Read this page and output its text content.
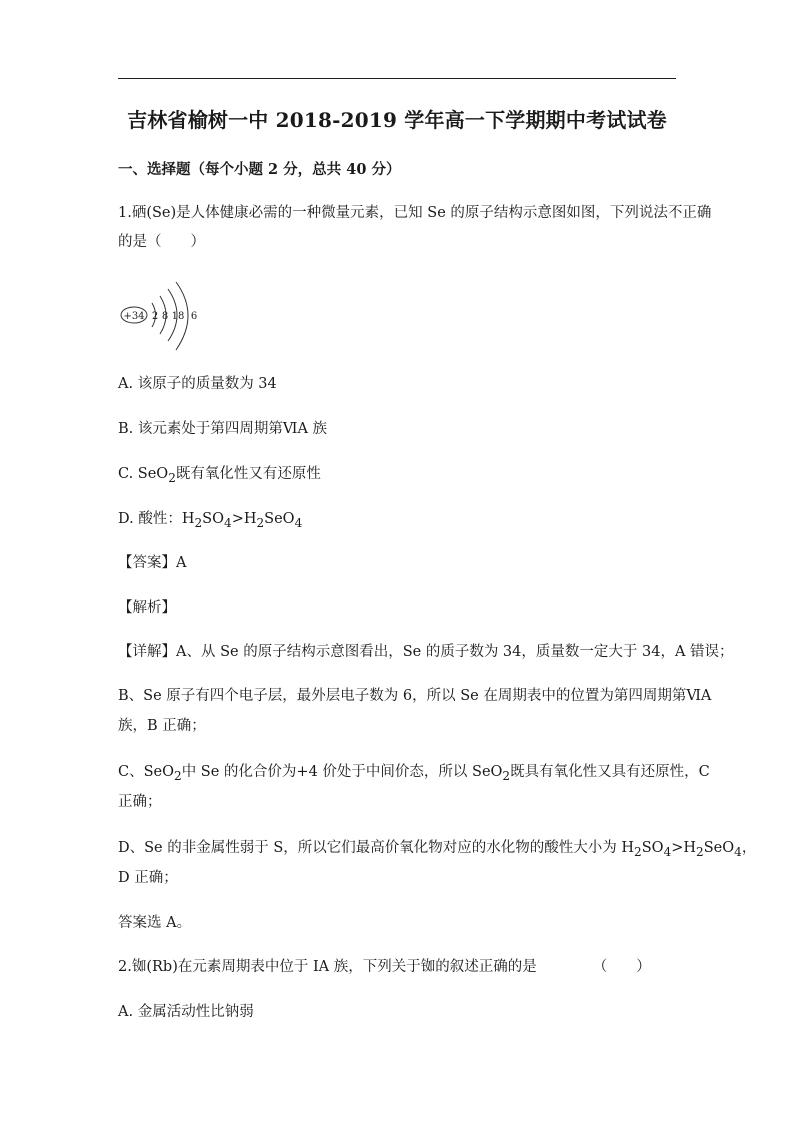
吉林省榆树一中 2018-2019 学年高一下学期期中考试试卷
一、选择题（每个小题 2 分，总共 40 分）
1.硒(Se)是人体健康必需的一种微量元素，已知 Se 的原子结构示意图如图，下列说法不正确
的是（　　）
+34 2 8 18 6
A. 该原子的质量数为 34
B. 该元素处于第四周期第ⅥA 族
C. SeO$_2$既有氧化性又有还原性
D. 酸性：$H_2SO_4>H_2SeO_4$
【答案】A
【解析】
【详解】A、从 Se 的原子结构示意图看出，Se 的质子数为 34，质量数一定大于 34，A 错误；
B、Se 原子有四个电子层，最外层电子数为 6，所以 Se 在周期表中的位置为第四周期第ⅥA
族，B 正确；
C、SeO$_2$中 Se 的化合价为+4 价处于中间价态，所以 SeO$_2$既具有氧化性又具有还原性，C
正确；
D、Se 的非金属性弱于 S，所以它们最高价氧化物对应的水化物的酸性大小为 $H_2SO_4>H_2SeO_4$，
D 正确；
答案选 A。
2.铷(Rb)在元素周期表中位于 IA 族，下列关于铷的叙述正确的是	（　　）
A. 金属活动性比钠弱
